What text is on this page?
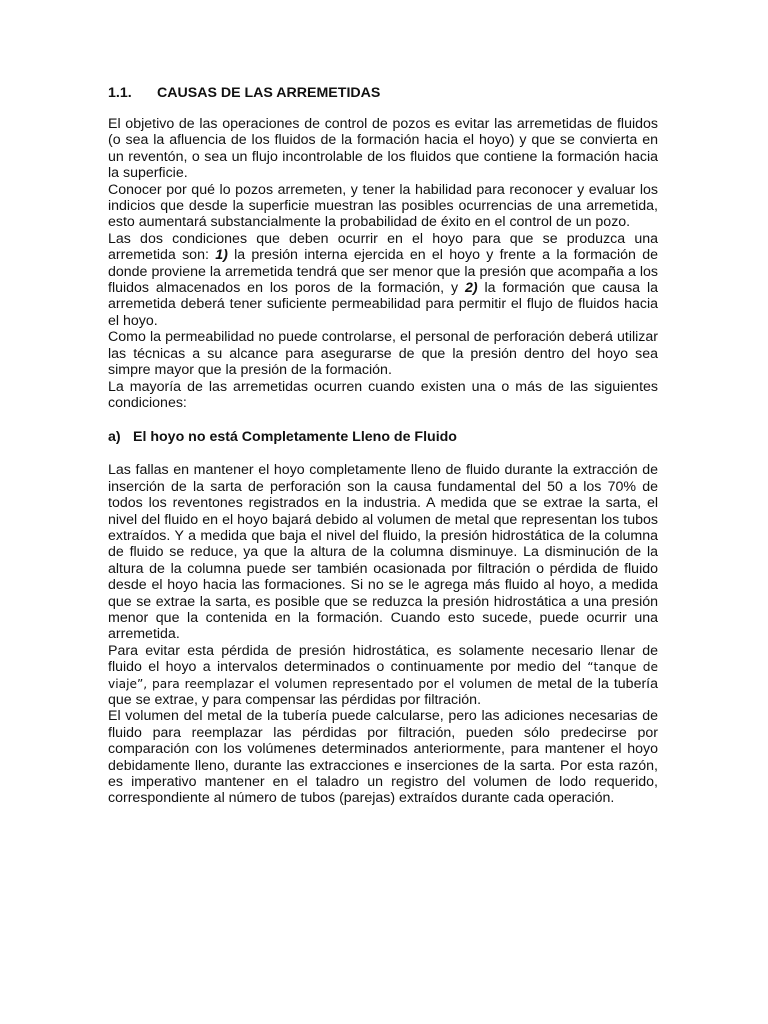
1.1. CAUSAS DE LAS ARREMETIDAS

El objetivo de las operaciones de control de pozos es evitar las arremetidas de fluidos (o sea la afluencia de los fluidos de la formación hacia el hoyo) y que se convierta en un reventón, o sea un flujo incontrolable de los fluidos que contiene la formación hacia la superficie.

Conocer por qué lo pozos arremeten, y tener la habilidad para reconocer y evaluar los indicios que desde la superficie muestran las posibles ocurrencias de una arremetida, esto aumentará substancialmente la probabilidad de éxito en el control de un pozo.

Las dos condiciones que deben ocurrir en el hoyo para que se produzca una arremetida son: 1) la presión interna ejercida en el hoyo y frente a la formación de donde proviene la arremetida tendrá que ser menor que la presión que acompaña a los fluidos almacenados en los poros de la formación, y 2) la formación que causa la arremetida deberá tener suficiente permeabilidad para permitir el flujo de fluidos hacia el hoyo.

Como la permeabilidad no puede controlarse, el personal de perforación deberá utilizar las técnicas a su alcance para asegurarse de que la presión dentro del hoyo sea simpre mayor que la presión de la formación.

La mayoría de las arremetidas ocurren cuando existen una o más de las siguientes condiciones:

a) El hoyo no está Completamente Lleno de Fluido

Las fallas en mantener el hoyo completamente lleno de fluido durante la extracción de inserción de la sarta de perforación son la causa fundamental del 50 a los 70% de todos los reventones registrados en la industria. A medida que se extrae la sarta, el nivel del fluido en el hoyo bajará debido al volumen de metal que representan los tubos extraídos. Y a medida que baja el nivel del fluido, la presión hidrostática de la columna de fluido se reduce, ya que la altura de la columna disminuye. La disminución de la altura de la columna puede ser también ocasionada por filtración o pérdida de fluido desde el hoyo hacia las formaciones. Si no se le agrega más fluido al hoyo, a medida que se extrae la sarta, es posible que se reduzca la presión hidrostática a una presión menor que la contenida en la formación. Cuando esto sucede, puede ocurrir una arremetida.

Para evitar esta pérdida de presión hidrostática, es solamente necesario llenar de fluido el hoyo a intervalos determinados o continuamente por medio del “tanque de viaje”, para reemplazar el volumen representado por el volumen de metal de la tubería que se extrae, y para compensar las pérdidas por filtración.

El volumen del metal de la tubería puede calcularse, pero las adiciones necesarias de fluido para reemplazar las pérdidas por filtración, pueden sólo predecirse por comparación con los volúmenes determinados anteriormente, para mantener el hoyo debidamente lleno, durante las extracciones e inserciones de la sarta. Por esta razón, es imperativo mantener en el taladro un registro del volumen de lodo requerido, correspondiente al número de tubos (parejas) extraídos durante cada operación.
